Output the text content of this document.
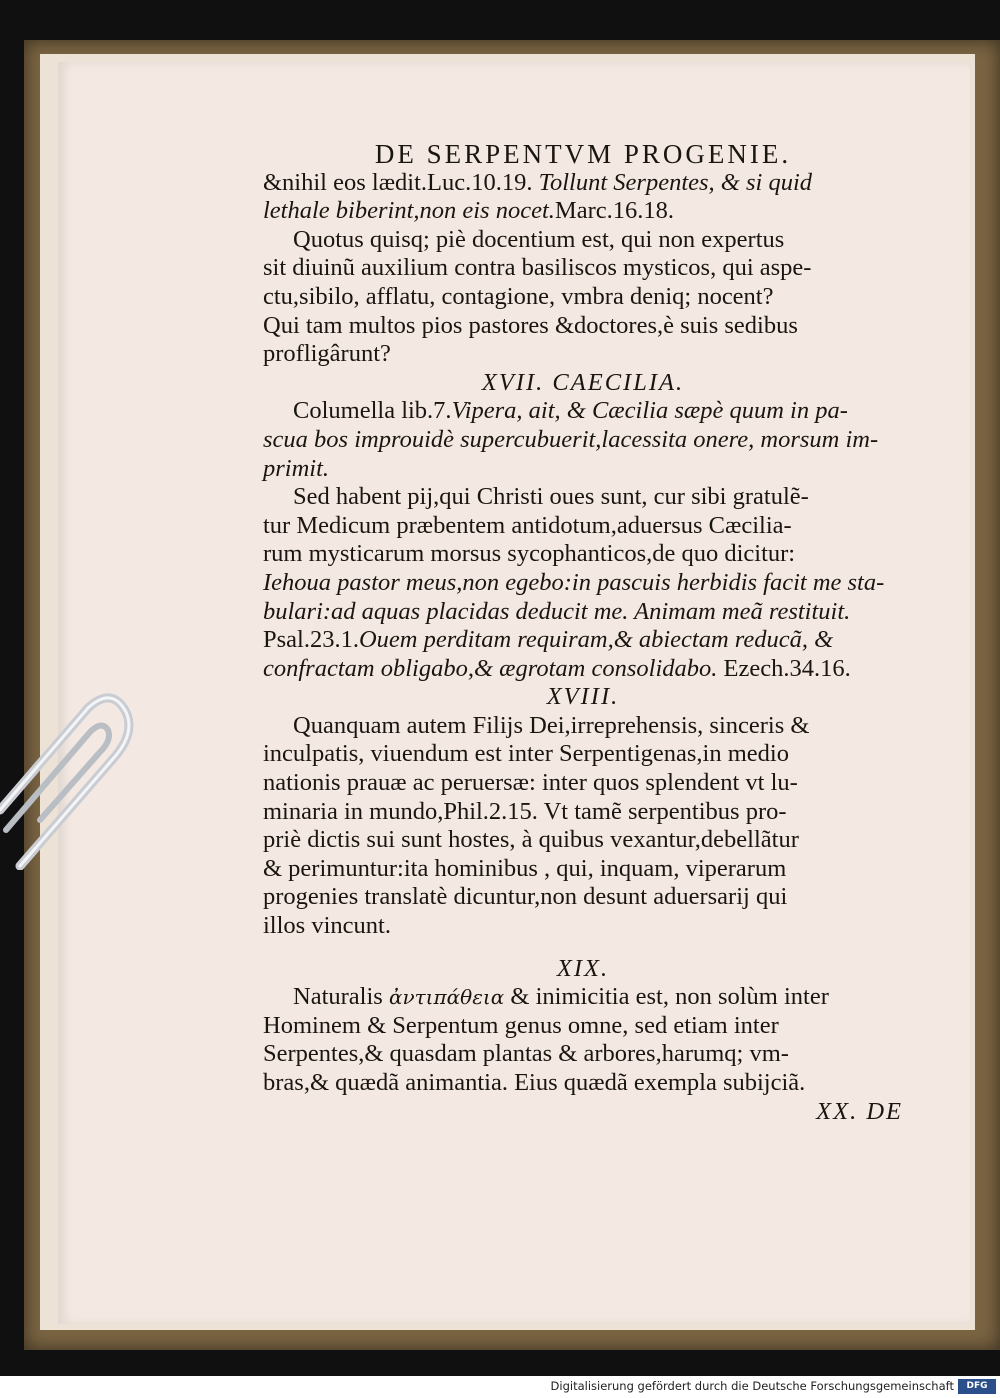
DE SERPENTVM PROGENIE.

&nihil eos lædit.Luc.10.19. Tollunt Serpentes, & si quid

lethale biberint,non eis nocet.Marc.16.18.

Quotus quisq; piè docentium est, qui non expertus

sit diuinũ auxilium contra basiliscos mysticos, qui aspe-

ctu,sibilo, afflatu, contagione, vmbra deniq; nocent?

Qui tam multos pios pastores &doctores,è suis sedibus

profligârunt?

XVII. CAECILIA.

Columella lib.7.Vipera, ait, & Cæcilia sæpè quum in pa-

scua bos improuidè supercubuerit,lacessita onere, morsum im-

primit.

Sed habent pij,qui Christi oues sunt, cur sibi gratulẽ-

tur Medicum præbentem antidotum,aduersus Cæcilia-

rum mysticarum morsus sycophanticos,de quo dicitur:

Iehoua pastor meus,non egebo:in pascuis herbidis facit me sta-

bulari:ad aquas placidas deducit me. Animam meã restituit.

Psal.23.1.Ouem perditam requiram,& abiectam reducã, &

confractam obligabo,& ægrotam consolidabo. Ezech.34.16.

XVIII.

Quanquam autem Filijs Dei,irreprehensis, sinceris &

inculpatis, viuendum est inter Serpentigenas,in medio

nationis prauæ ac peruersæ: inter quos splendent vt lu-

minaria in mundo,Phil.2.15. Vt tamẽ serpentibus pro-

priè dictis sui sunt hostes, à quibus vexantur,debellãtur

& perimuntur:ita hominibus , qui, inquam, viperarum

progenies translatè dicuntur,non desunt aduersarij qui

illos vincunt.

XIX.

Naturalis ἀντιπάθεια & inimicitia est, non solùm inter

Hominem & Serpentum genus omne, sed etiam inter

Serpentes,& quasdam plantas & arbores,harumq; vm-

bras,& quædã animantia. Eius quædã exempla subijciã.

XX. DE

Digitalisierung gefördert durch die Deutsche Forschungsgemeinschaft	DFG
